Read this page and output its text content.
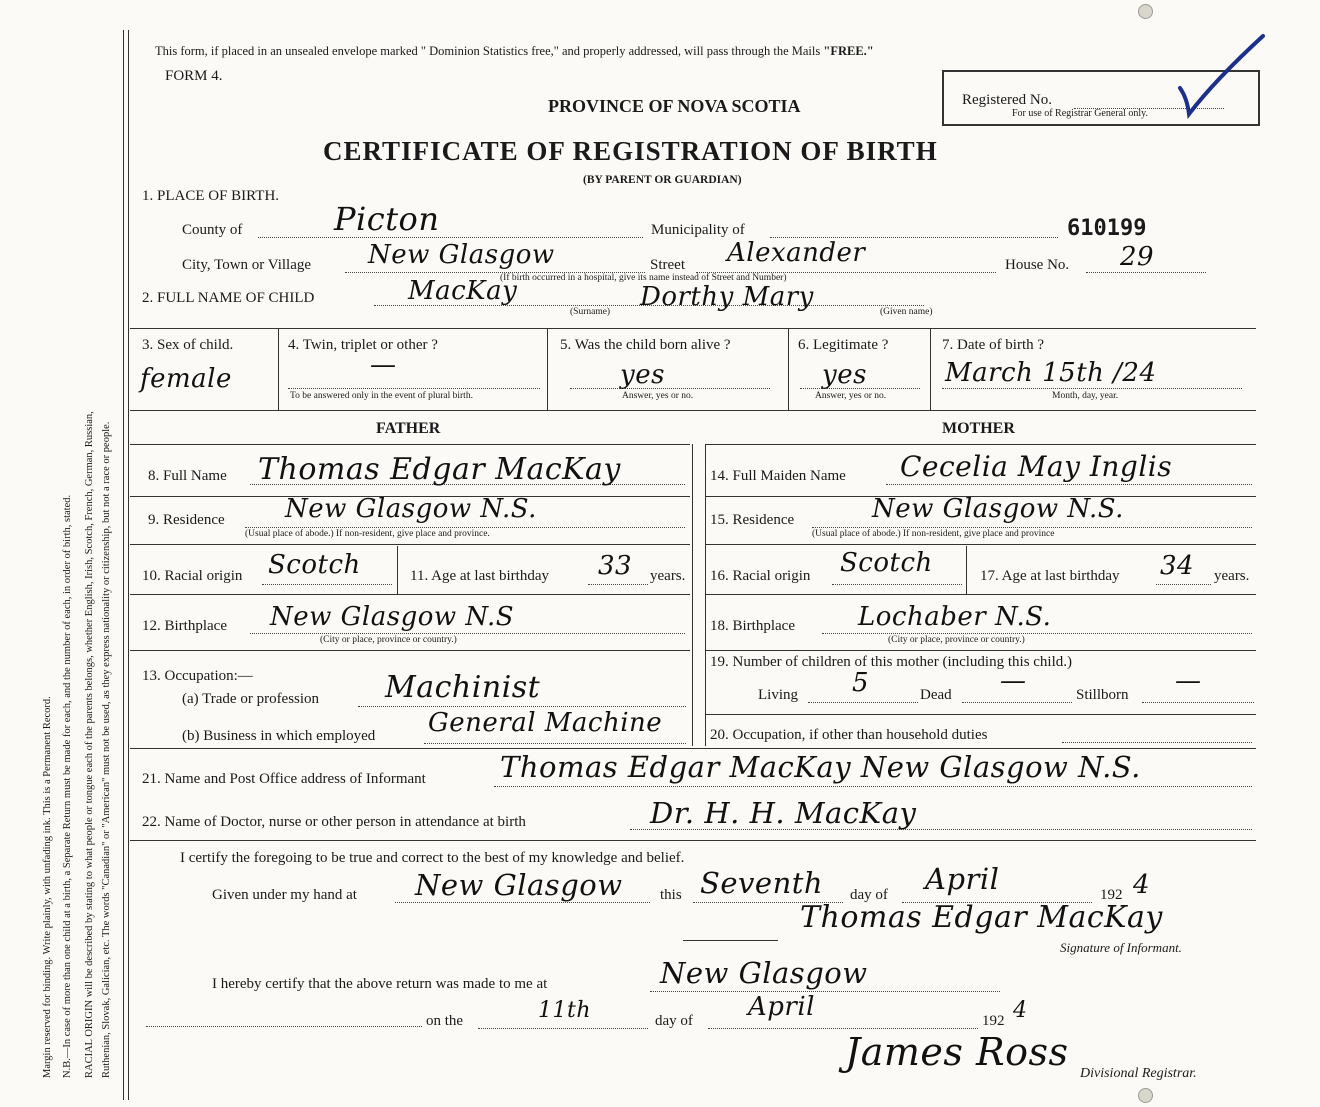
Margin reserved for binding. Write plainly, with unfading ink. This is a Permanent Record. N.B.—In case of more than one child at a birth, a Separate Return must be made for each, and the number of each, in order of birth, stated. RACIAL ORIGIN will be described by stating to what people or tongue each of the parents belongs, whether English, Irish, Scotch, French, German, Russian, Ruthenian, Slovak, Galician, etc. The words "Canadian" or "American" must not be used, as they express nationality or citizenship, but not a race or people.
This form, if placed in an unsealed envelope marked " Dominion Statistics free," and properly addressed, will pass through the Mails "FREE."
FORM 4.
PROVINCE OF NOVA SCOTIA
CERTIFICATE OF REGISTRATION OF BIRTH
(BY PARENT OR GUARDIAN)
Registered No.
For use of Registrar General only.
1. PLACE OF BIRTH.
County of	Picton	Municipality of	610199
City, Town or Village New Glasgow	Street Alexander	House No. 29
(If birth occurred in a hospital, give its name instead of Street and Number)
2. FULL NAME OF CHILD	MacKay
(Surname) Dorthy Mary	(Given name)
3. Sex of child.
female
4. Twin, triplet or other ?
—
To be answered only in the event of plural birth.
5. Was the child born alive ?
yes
Answer, yes or no.
6. Legitimate ?
yes
Answer, yes or no.
7. Date of birth ?
March 15th /24
Month, day, year.
FATHER	MOTHER
8. Full Name Thomas Edgar MacKay	14. Full Maiden Name Cecelia May Inglis
9. Residence New Glasgow N.S.
(Usual place of abode.) If non-resident, give place and province.
15. Residence	New Glasgow N.S.
(Usual place of abode.) If non-resident, give place and province
10. Racial origin Scotch	11. Age at last birthday 33 years. 16. Racial origin Scotch	17. Age at last birthday 34 years.
12. Birthplace New Glasgow N.S
(City or place, province or country.)
18. Birthplace Lochaber N.S.
(City or place, province or country.)
13. Occupation:—
(a) Trade or profession Machinist
(b) Business in which employed General Machine
19. Number of children of this mother (including this child.)
Living 5	Dead —	Stillborn —
20. Occupation, if other than household duties
21. Name and Post Office address of Informant	Thomas Edgar MacKay New Glasgow N.S.
22. Name of Doctor, nurse or other person in attendance at birth	Dr. H. H. MacKay
I certify the foregoing to be true and correct to the best of my knowledge and belief.
Given under my hand at New Glasgow this Seventh day of April	192 4
Thomas Edgar MacKay
Signature of Informant.
I hereby certify that the above return was made to me at	New Glasgow
on the	11th	day of April	192 4
James Ross Divisional Registrar.
